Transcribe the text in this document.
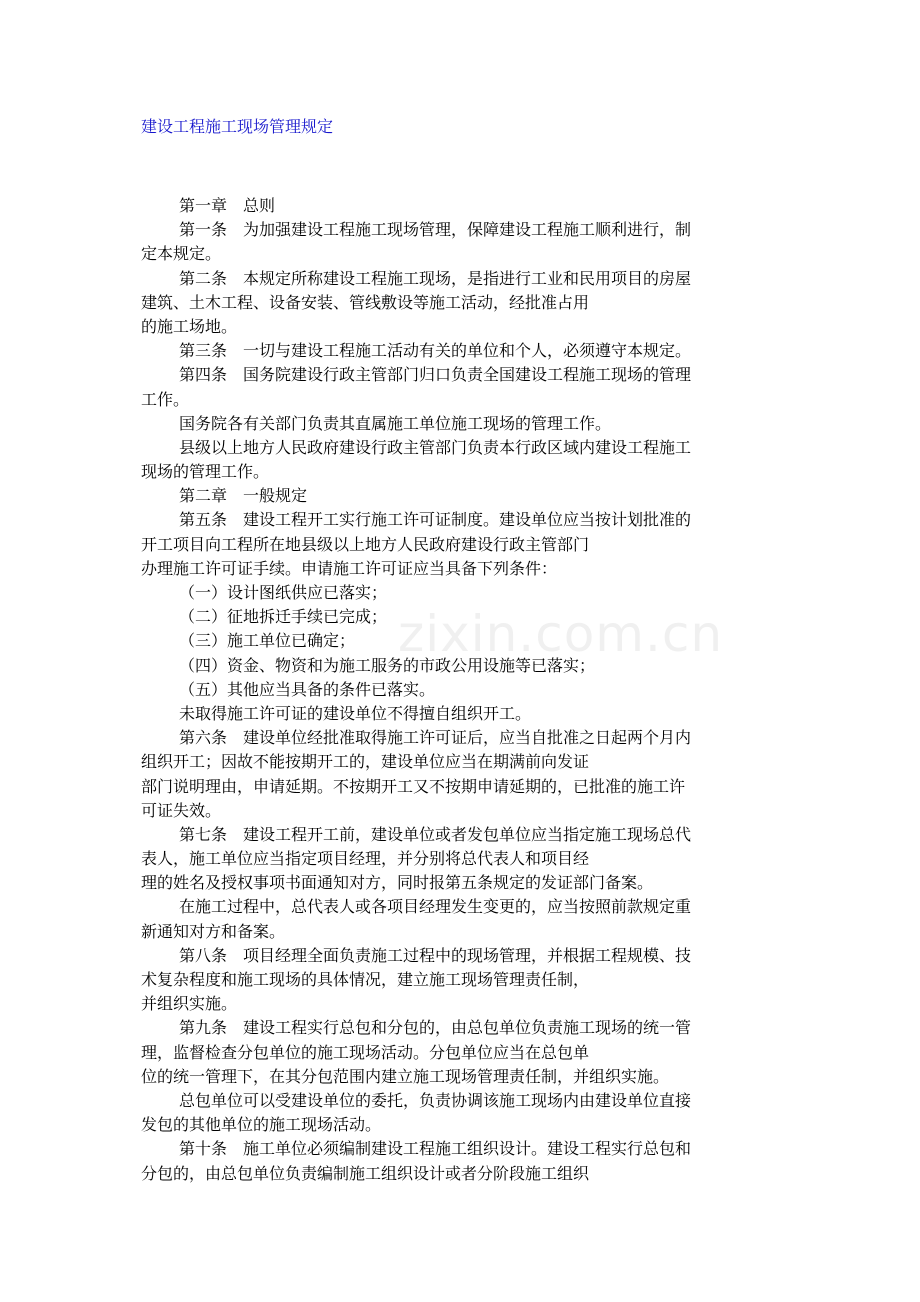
zixin.com.cn
建设工程施工现场管理规定
第一章　总则
第一条　为加强建设工程施工现场管理，保障建设工程施工顺利进行，制
定本规定。
第二条　本规定所称建设工程施工现场，是指进行工业和民用项目的房屋
建筑、土木工程、设备安装、管线敷设等施工活动，经批准占用
的施工场地。
第三条　一切与建设工程施工活动有关的单位和个人，必须遵守本规定。
第四条　国务院建设行政主管部门归口负责全国建设工程施工现场的管理
工作。
国务院各有关部门负责其直属施工单位施工现场的管理工作。
县级以上地方人民政府建设行政主管部门负责本行政区域内建设工程施工
现场的管理工作。
第二章　一般规定
第五条　建设工程开工实行施工许可证制度。建设单位应当按计划批准的
开工项目向工程所在地县级以上地方人民政府建设行政主管部门
办理施工许可证手续。申请施工许可证应当具备下列条件：
（一）设计图纸供应已落实；
（二）征地拆迁手续已完成；
（三）施工单位已确定；
（四）资金、物资和为施工服务的市政公用设施等已落实；
（五）其他应当具备的条件已落实。
未取得施工许可证的建设单位不得擅自组织开工。
第六条　建设单位经批准取得施工许可证后，应当自批准之日起两个月内
组织开工；因故不能按期开工的，建设单位应当在期满前向发证
部门说明理由，申请延期。不按期开工又不按期申请延期的，已批准的施工许
可证失效。
第七条　建设工程开工前，建设单位或者发包单位应当指定施工现场总代
表人，施工单位应当指定项目经理，并分别将总代表人和项目经
理的姓名及授权事项书面通知对方，同时报第五条规定的发证部门备案。
在施工过程中，总代表人或各项目经理发生变更的，应当按照前款规定重
新通知对方和备案。
第八条　项目经理全面负责施工过程中的现场管理，并根据工程规模、技
术复杂程度和施工现场的具体情况，建立施工现场管理责任制，
并组织实施。
第九条　建设工程实行总包和分包的，由总包单位负责施工现场的统一管
理，监督检查分包单位的施工现场活动。分包单位应当在总包单
位的统一管理下，在其分包范围内建立施工现场管理责任制，并组织实施。
总包单位可以受建设单位的委托，负责协调该施工现场内由建设单位直接
发包的其他单位的施工现场活动。
第十条　施工单位必须编制建设工程施工组织设计。建设工程实行总包和
分包的，由总包单位负责编制施工组织设计或者分阶段施工组织
